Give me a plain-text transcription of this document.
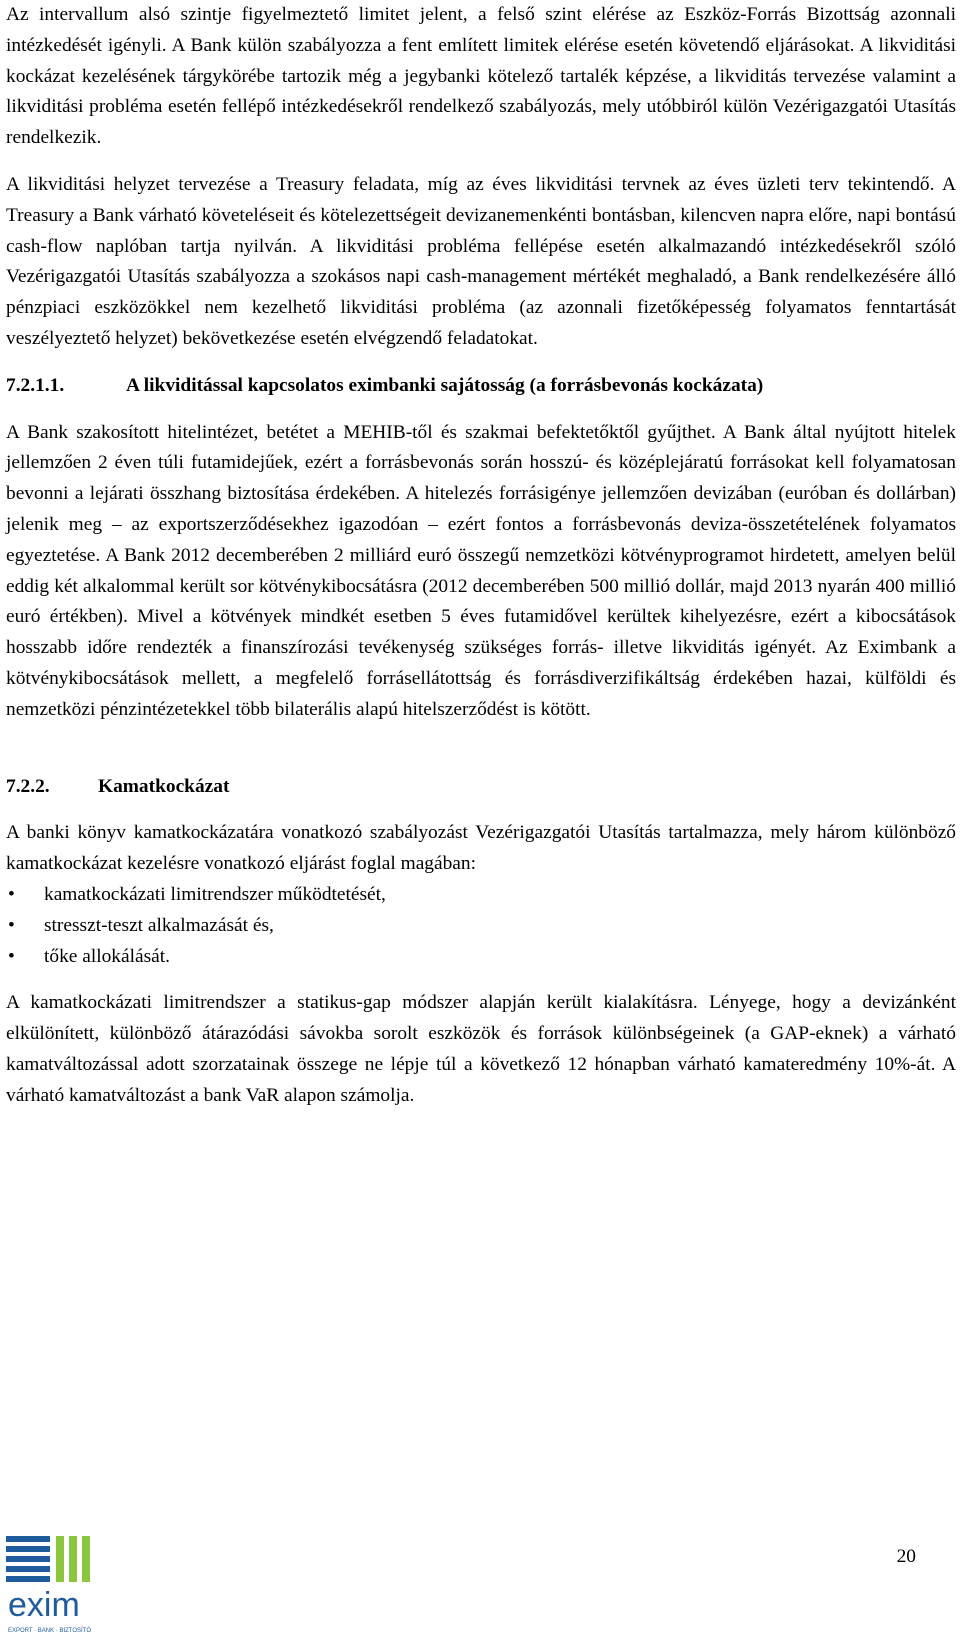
Az intervallum alsó szintje figyelmeztető limitet jelent, a felső szint elérése az Eszköz-Forrás Bizottság azonnali intézkedését igényli. A Bank külön szabályozza a fent említett limitek elérése esetén követendő eljárásokat. A likviditási kockázat kezelésének tárgykörébe tartozik még a jegybanki kötelező tartalék képzése, a likviditás tervezése valamint a likviditási probléma esetén fellépő intézkedésekről rendelkező szabályozás, mely utóbbiról külön Vezérigazgatói Utasítás rendelkezik.

A likviditási helyzet tervezése a Treasury feladata, míg az éves likviditási tervnek az éves üzleti terv tekintendő. A Treasury a Bank várható követeléseit és kötelezettségeit devizanemenkénti bontásban, kilencven napra előre, napi bontású cash-flow naplóban tartja nyilván. A likviditási probléma fellépése esetén alkalmazandó intézkedésekről szóló Vezérigazgatói Utasítás szabályozza a szokásos napi cash-management mértékét meghaladó, a Bank rendelkezésére álló pénzpiaci eszközökkel nem kezelhető likviditási probléma (az azonnali fizetőképesség folyamatos fenntartását veszélyeztető helyzet) bekövetkezése esetén elvégzendő feladatokat.

7.2.1.1.	A likviditással kapcsolatos eximbanki sajátosság (a forrásbevonás kockázata)

A Bank szakosított hitelintézet, betétet a MEHIB-től és szakmai befektetőktől gyűjthet. A Bank által nyújtott hitelek jellemzően 2 éven túli futamidejűek, ezért a forrásbevonás során hosszú- és középlejáratú forrásokat kell folyamatosan bevonni a lejárati összhang biztosítása érdekében. A hitelezés forrásigénye jellemzően devizában (euróban és dollárban) jelenik meg – az exportszerződésekhez igazodóan – ezért fontos a forrásbevonás deviza-összetételének folyamatos egyeztetése. A Bank 2012 decemberében 2 milliárd euró összegű nemzetközi kötvényprogramot hirdetett, amelyen belül eddig két alkalommal került sor kötvénykibocsátásra (2012 decemberében 500 millió dollár, majd 2013 nyarán 400 millió euró értékben). Mivel a kötvények mindkét esetben 5 éves futamidővel kerültek kihelyezésre, ezért a kibocsátások hosszabb időre rendezték a finanszírozási tevékenység szükséges forrás- illetve likviditás igényét. Az Eximbank a kötvénykibocsátások mellett, a megfelelő forrásellátottság és forrásdiverzifikáltság érdekében hazai, külföldi és nemzetközi pénzintézetekkel több bilaterális alapú hitelszerződést is kötött.

7.2.2.	Kamatkockázat

A banki könyv kamatkockázatára vonatkozó szabályozást Vezérigazgatói Utasítás tartalmazza, mely három különböző kamatkockázat kezelésre vonatkozó eljárást foglal magában:

•	kamatkockázati limitrendszer működtetését,
•	stresszt-teszt alkalmazását és,
•	tőke allokálását.

A kamatkockázati limitrendszer a statikus-gap módszer alapján került kialakításra. Lényege, hogy a devizánként elkülönített, különböző átárazódási sávokba sorolt eszközök és források különbségeinek (a GAP-eknek) a várható kamatváltozással adott szorzatainak összege ne lépje túl a következő 12 hónapban várható kamateredmény 10%-át. A várható kamatváltozást a bank VaR alapon számolja.

exim
EXPORT · BANK · BIZTOSÍTÓ
20
